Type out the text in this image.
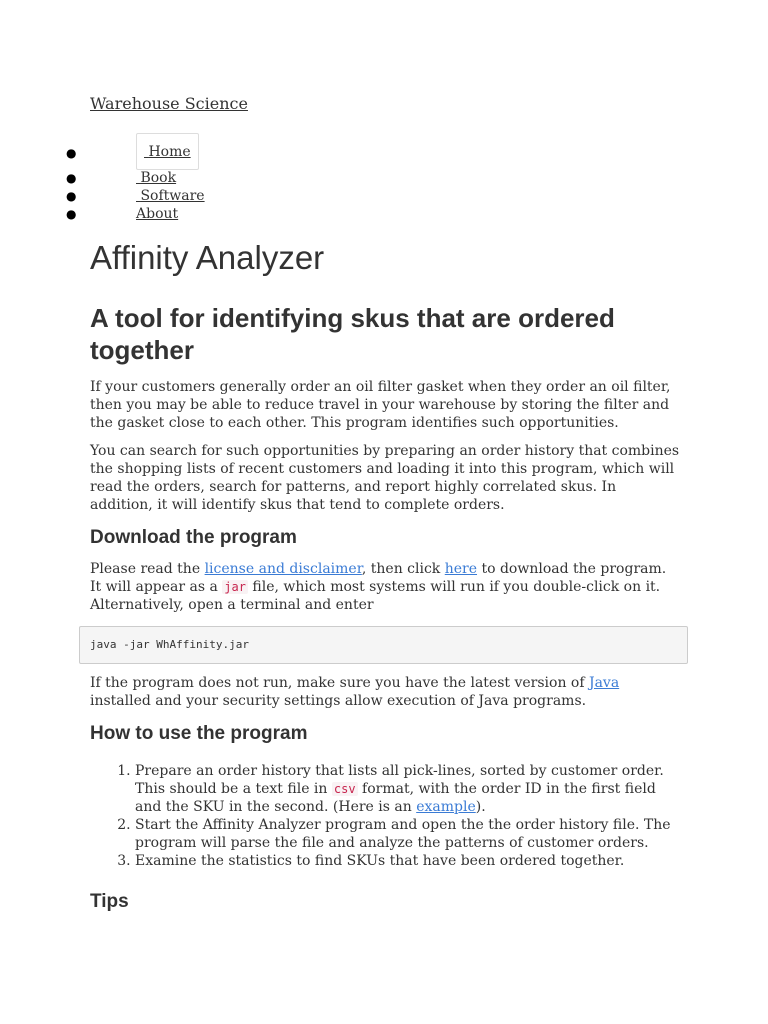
Warehouse Science
●	Home
●	Book
●	Software
●	About
Affinity Analyzer
A tool for identifying skus that are ordered together

If your customers generally order an oil filter gasket when they order an oil filter, then you may be able to reduce travel in your warehouse by storing the filter and the gasket close to each other. This program identifies such opportunities.

You can search for such opportunities by preparing an order history that combines the shopping lists of recent customers and loading it into this program, which will read the orders, search for patterns, and report highly correlated skus. In addition, it will identify skus that tend to complete orders.

Download the program

Please read the license and disclaimer, then click here to download the program. It will appear as a jar file, which most systems will run if you double-click on it. Alternatively, open a terminal and enter

java -jar WhAffinity.jar

If the program does not run, make sure you have the latest version of Java installed and your security settings allow execution of Java programs.

How to use the program
1. Prepare an order history that lists all pick-lines, sorted by customer order. This should be a text file in csv format, with the order ID in the first field and the SKU in the second. (Here is an example).
2. Start the Affinity Analyzer program and open the the order history file. The program will parse the file and analyze the patterns of customer orders.
3. Examine the statistics to find SKUs that have been ordered together.
Tips
